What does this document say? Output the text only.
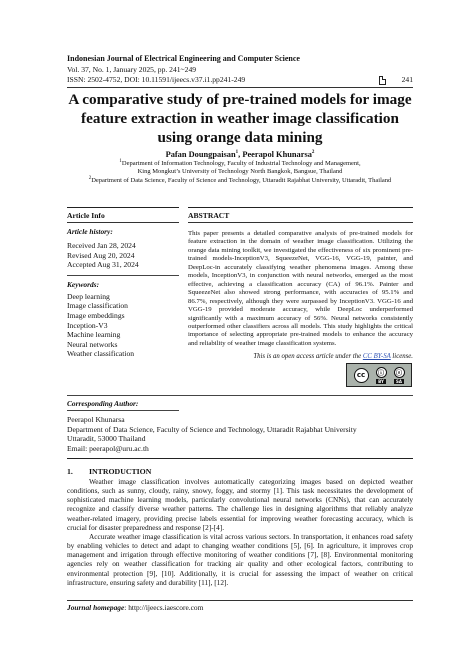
Indonesian Journal of Electrical Engineering and Computer Science
Vol. 37, No. 1, January 2025, pp. 241~249
ISSN: 2502-4752, DOI: 10.11591/ijeecs.v37.i1.pp241-249	241
A comparative study of pre-trained models for image feature extraction in weather image classification using orange data mining
Pafan Doungpaisan$^1$, Peerapol Khunarsa$^2$
$^1$Department of Information Technology, Faculty of Industrial Technology and Management,
King Mongkut’s University of Technology North Bangkok, Bangsue, Thailand
$^2$Department of Data Science, Faculty of Science and Technology, Uttaradit Rajabhat University, Uttaradit, Thailand
Article Info
Article history:
Received Jan 28, 2024
Revised Aug 20, 2024
Accepted Aug 31, 2024
Keywords:
Deep learning
Image classification
Image embeddings
Inception-V3
Machine learning
Neural networks
Weather classification
ABSTRACT

This paper presents a detailed comparative analysis of pre-trained models for feature extraction in the domain of weather image classification. Utilizing the orange data mining toolkit, we investigated the effectiveness of six prominent pre-trained models-InceptionV3, SqueezeNet, VGG-16, VGG-19, painter, and DeepLoc-in accurately classifying weather phenomena images. Among these models, InceptionV3, in conjunction with neural networks, emerged as the most effective, achieving a classification accuracy (CA) of 96.1%. Painter and SqueezeNet also showed strong performance, with accuracies of 95.1% and 86.7%, respectively, although they were surpassed by InceptionV3. VGG-16 and VGG-19 provided moderate accuracy, while DeepLoc underperformed significantly with a maximum accuracy of 56%. Neural networks consistently outperformed other classifiers across all models. This study highlights the critical importance of selecting appropriate pre-trained models to enhance the accuracy and reliability of weather image classification systems.

This is an open access article under the CC BY-SA license.
cc	ⓘ
BY
ⓢ
SA
Corresponding Author:
Peerapol Khunarsa
Department of Data Science, Faculty of Science and Technology, Uttaradit Rajabhat University
Uttaradit, 53000 Thailand
Email: peerapol@uru.ac.th
1. INTRODUCTION

Weather image classification involves automatically categorizing images based on depicted weather conditions, such as sunny, cloudy, rainy, snowy, foggy, and stormy [1]. This task necessitates the development of sophisticated machine learning models, particularly convolutional neural networks (CNNs), that can accurately recognize and classify diverse weather patterns. The challenge lies in designing algorithms that reliably analyze weather-related imagery, providing precise labels essential for improving weather forecasting accuracy, which is crucial for disaster preparedness and response [2]-[4].

Accurate weather image classification is vital across various sectors. In transportation, it enhances road safety by enabling vehicles to detect and adapt to changing weather conditions [5], [6]. In agriculture, it improves crop management and irrigation through effective monitoring of weather conditions [7], [8]. Environmental monitoring agencies rely on weather classification for tracking air quality and other ecological factors, contributing to environmental protection [9], [10]. Additionally, it is crucial for assessing the impact of weather on critical infrastructure, ensuring safety and durability [11], [12].

Journal homepage: http://ijeecs.iaescore.com
